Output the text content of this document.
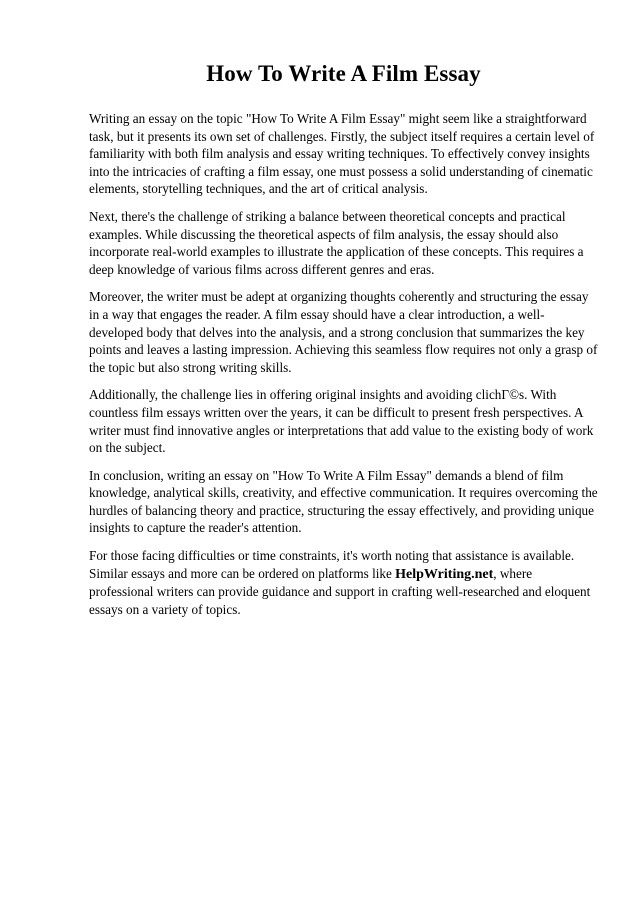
How To Write A Film Essay

Writing an essay on the topic "How To Write A Film Essay" might seem like a straightforward task, but it presents its own set of challenges. Firstly, the subject itself requires a certain level of familiarity with both film analysis and essay writing techniques. To effectively convey insights into the intricacies of crafting a film essay, one must possess a solid understanding of cinematic elements, storytelling techniques, and the art of critical analysis.

Next, there's the challenge of striking a balance between theoretical concepts and practical examples. While discussing the theoretical aspects of film analysis, the essay should also incorporate real-world examples to illustrate the application of these concepts. This requires a deep knowledge of various films across different genres and eras.

Moreover, the writer must be adept at organizing thoughts coherently and structuring the essay in a way that engages the reader. A film essay should have a clear introduction, a well-developed body that delves into the analysis, and a strong conclusion that summarizes the key points and leaves a lasting impression. Achieving this seamless flow requires not only a grasp of the topic but also strong writing skills.

Additionally, the challenge lies in offering original insights and avoiding clichГ©s. With countless film essays written over the years, it can be difficult to present fresh perspectives. A writer must find innovative angles or interpretations that add value to the existing body of work on the subject.

In conclusion, writing an essay on "How To Write A Film Essay" demands a blend of film knowledge, analytical skills, creativity, and effective communication. It requires overcoming the hurdles of balancing theory and practice, structuring the essay effectively, and providing unique insights to capture the reader's attention.

For those facing difficulties or time constraints, it's worth noting that assistance is available. Similar essays and more can be ordered on platforms like HelpWriting.net, where professional writers can provide guidance and support in crafting well-researched and eloquent essays on a variety of topics.
